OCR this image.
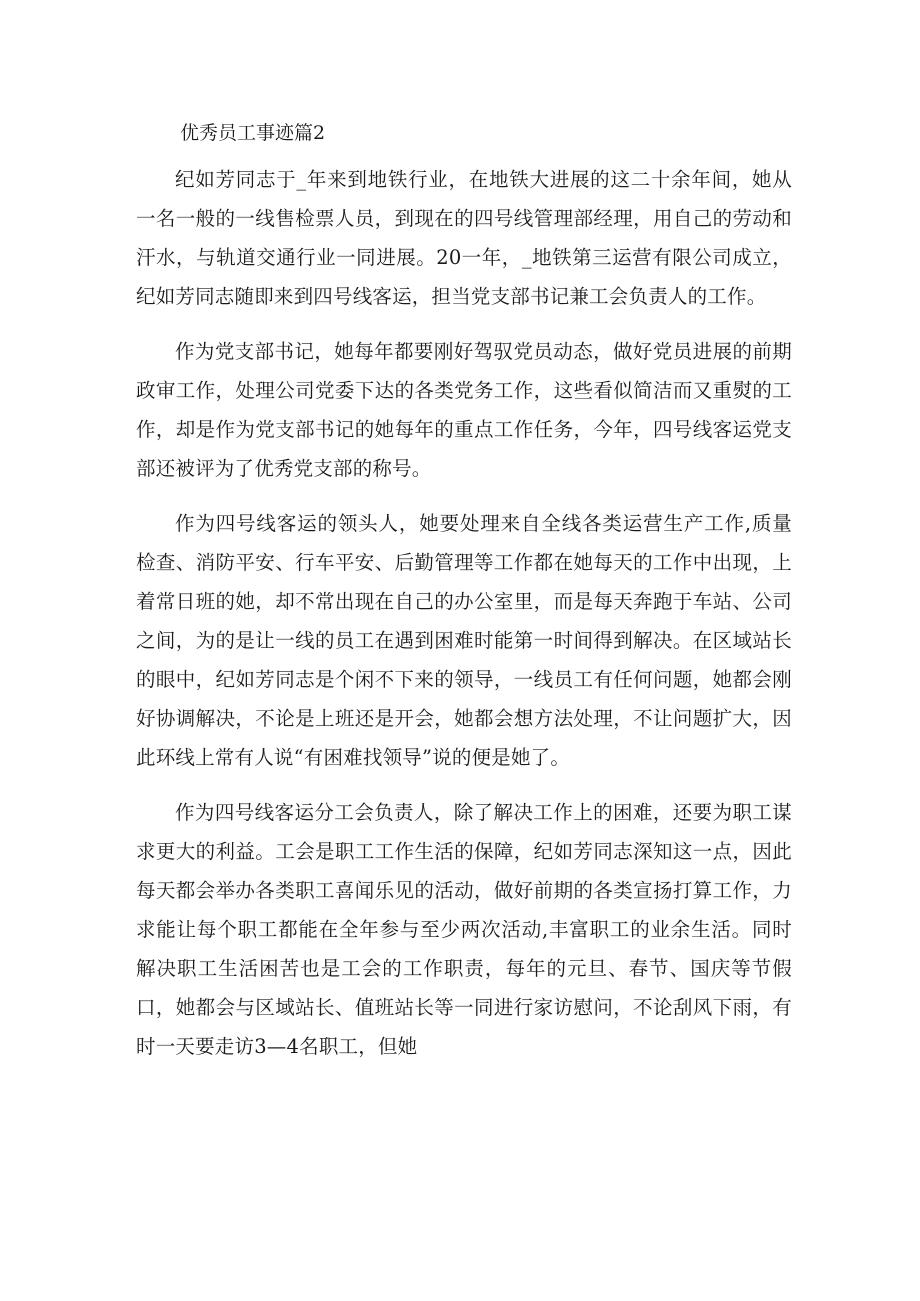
优秀员工事迹篇2

纪如芳同志于_年来到地铁行业，在地铁大进展的这二十余年间，她从一名一般的一线售检票人员，到现在的四号线管理部经理，用自己的劳动和汗水，与轨道交通行业一同进展。20一年，_地铁第三运营有限公司成立，纪如芳同志随即来到四号线客运，担当党支部书记兼工会负责人的工作。

作为党支部书记，她每年都要刚好驾驭党员动态，做好党员进展的前期政审工作，处理公司党委下达的各类党务工作，这些看似简洁而又重熨的工作，却是作为党支部书记的她每年的重点工作任务，今年，四号线客运党支部还被评为了优秀党支部的称号。

作为四号线客运的领头人，她要处理来自全线各类运营生产工作,质量检查、消防平安、行车平安、后勤管理等工作都在她每天的工作中出现，上着常日班的她，却不常出现在自己的办公室里，而是每天奔跑于车站、公司之间，为的是让一线的员工在遇到困难时能第一时间得到解决。在区域站长的眼中，纪如芳同志是个闲不下来的领导，一线员工有任何问题，她都会刚好协调解决，不论是上班还是开会，她都会想方法处理，不让问题扩大，因此环线上常有人说“有困难找领导”说的便是她了。

作为四号线客运分工会负责人，除了解决工作上的困难，还要为职工谋求更大的利益。工会是职工工作生活的保障，纪如芳同志深知这一点，因此每天都会举办各类职工喜闻乐见的活动，做好前期的各类宣扬打算工作，力求能让每个职工都能在全年参与至少两次活动,丰富职工的业余生活。同时解决职工生活困苦也是工会的工作职责，每年的元旦、春节、国庆等节假口，她都会与区域站长、值班站长等一同进行家访慰问，不论刮风下雨，有时一天要走访3—4名职工，但她
